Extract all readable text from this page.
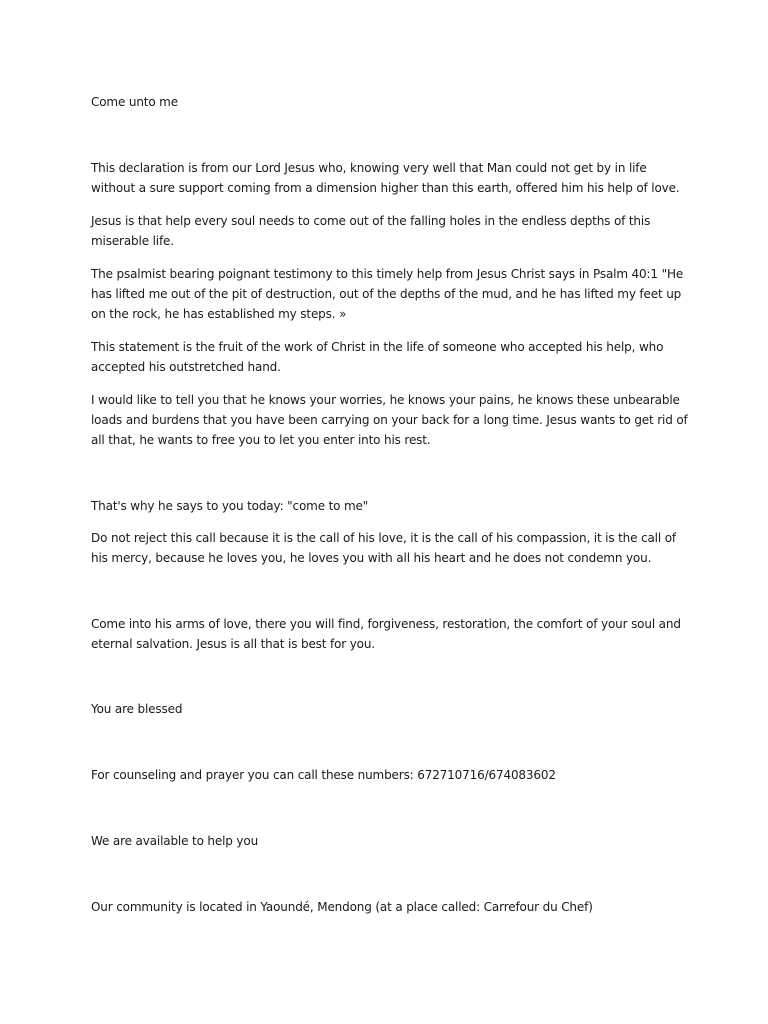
Come unto me
This declaration is from our Lord Jesus who, knowing very well that Man could not get by in life without a sure support coming from a dimension higher than this earth, offered him his help of love.
Jesus is that help every soul needs to come out of the falling holes in the endless depths of this miserable life.
The psalmist bearing poignant testimony to this timely help from Jesus Christ says in Psalm 40:1 "He has lifted me out of the pit of destruction, out of the depths of the mud, and he has lifted my feet up on the rock, he has established my steps. »
This statement is the fruit of the work of Christ in the life of someone who accepted his help, who accepted his outstretched hand.
I would like to tell you that he knows your worries, he knows your pains, he knows these unbearable loads and burdens that you have been carrying on your back for a long time. Jesus wants to get rid of all that, he wants to free you to let you enter into his rest.
That's why he says to you today: "come to me"
Do not reject this call because it is the call of his love, it is the call of his compassion, it is the call of his mercy, because he loves you, he loves you with all his heart and he does not condemn you.
Come into his arms of love, there you will find, forgiveness, restoration, the comfort of your soul and eternal salvation. Jesus is all that is best for you.
You are blessed
For counseling and prayer you can call these numbers: 672710716/674083602
We are available to help you
Our community is located in Yaoundé, Mendong (at a place called: Carrefour du Chef)
